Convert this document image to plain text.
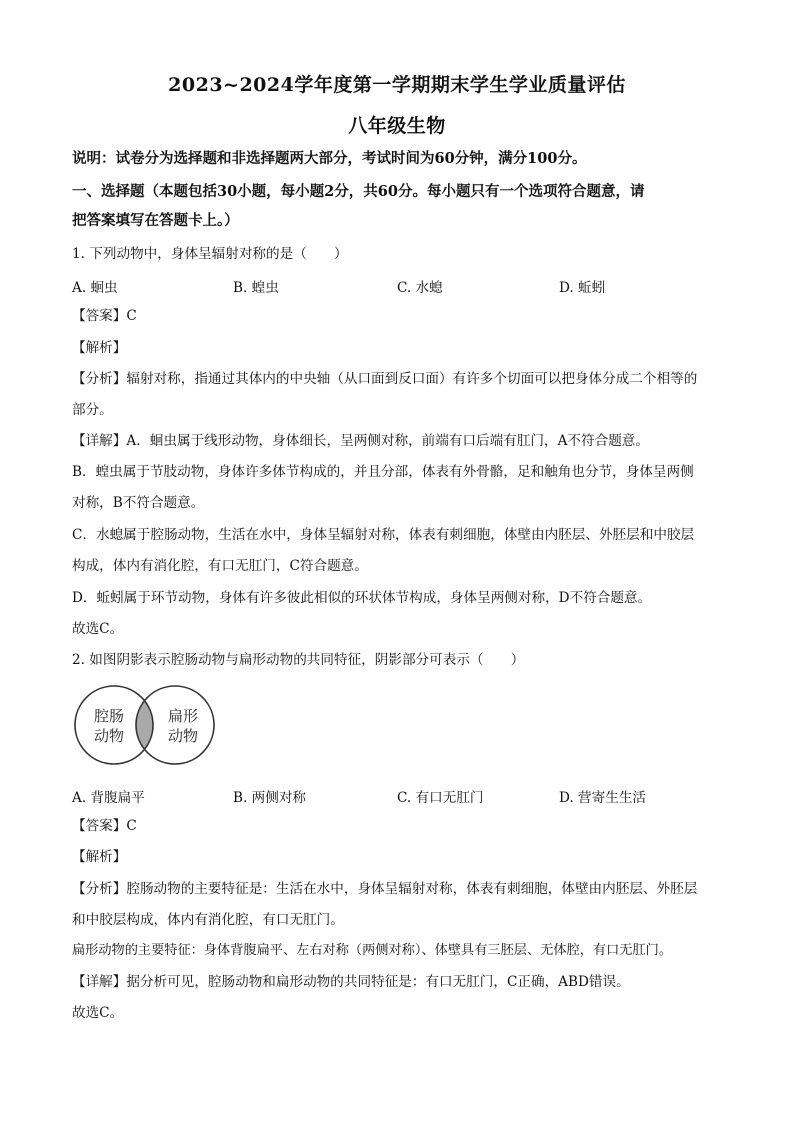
2023~2024学年度第一学期期末学生学业质量评估
八年级生物
说明：试卷分为选择题和非选择题两大部分，考试时间为60分钟，满分100分。
一、选择题（本题包括30小题，每小题2分，共60分。每小题只有一个选项符合题意，请
把答案填写在答题卡上。）
1. 下列动物中，身体呈辐射对称的是（　　）
A. 蛔虫	B. 蝗虫	C. 水螅	D. 蚯蚓
【答案】C
【解析】
【分析】辐射对称，指通过其体内的中央轴（从口面到反口面）有许多个切面可以把身体分成二个相等的
部分。
【详解】A．蛔虫属于线形动物，身体细长，呈两侧对称，前端有口后端有肛门，A不符合题意。
B．蝗虫属于节肢动物，身体许多体节构成的，并且分部，体表有外骨骼，足和触角也分节，身体呈两侧
对称，B不符合题意。
C．水螅属于腔肠动物，生活在水中，身体呈辐射对称，体表有刺细胞，体壁由内胚层、外胚层和中胶层
构成，体内有消化腔，有口无肛门，C符合题意。
D．蚯蚓属于环节动物，身体有许多彼此相似的环状体节构成，身体呈两侧对称，D不符合题意。
故选C。
2. 如图阴影表示腔肠动物与扁形动物的共同特征，阴影部分可表示（　　）
腔肠
动物
扁形
动物
A. 背腹扁平	B. 两侧对称	C. 有口无肛门	D. 营寄生生活
【答案】C
【解析】
【分析】腔肠动物的主要特征是：生活在水中，身体呈辐射对称，体表有刺细胞，体壁由内胚层、外胚层
和中胶层构成，体内有消化腔，有口无肛门。
扁形动物的主要特征：身体背腹扁平、左右对称（两侧对称）、体壁具有三胚层、无体腔，有口无肛门。
【详解】据分析可见，腔肠动物和扁形动物的共同特征是：有口无肛门，C正确，ABD错误。
故选C。
